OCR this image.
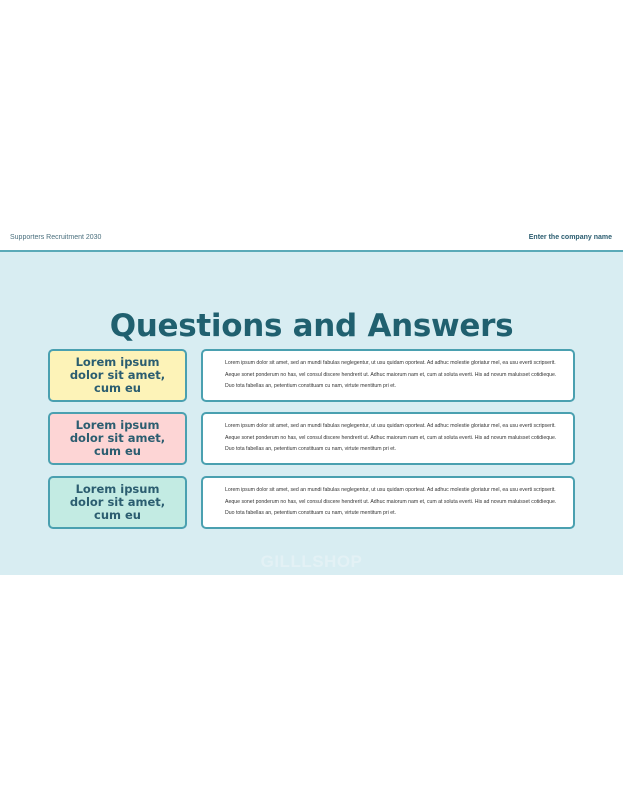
Supporters Recruitment 2030	Enter the company name
Questions and Answers
Lorem ipsum dolor sit amet, cum eu
Lorem ipsum dolor sit amet, sed an mundi fabulas neglegentur, ut usu quidam oporteat. Ad adhuc molestie gloriatur mel, ea usu everti scripserit. Aeque sonet ponderum no has, vel consul discere hendrerit ut. Adhuc maiorum nam et, cum at soluta everti. His ad novum maluisset cotidieque. Duo tota fabellas an, petentium constituam cu nam, virtute mentitum pri et.
Lorem ipsum dolor sit amet, cum eu
Lorem ipsum dolor sit amet, sed an mundi fabulas neglegentur, ut usu quidam oporteat. Ad adhuc molestie gloriatur mel, ea usu everti scripserit. Aeque sonet ponderum no has, vel consul discere hendrerit ut. Adhuc maiorum nam et, cum at soluta everti. His ad novum maluisset cotidieque. Duo tota fabellas an, petentium constituam cu nam, virtute mentitum pri et.
Lorem ipsum dolor sit amet, cum eu
Lorem ipsum dolor sit amet, sed an mundi fabulas neglegentur, ut usu quidam oporteat. Ad adhuc molestie gloriatur mel, ea usu everti scripserit. Aeque sonet ponderum no has, vel consul discere hendrerit ut. Adhuc maiorum nam et, cum at soluta everti. His ad novum maluisset cotidieque. Duo tota fabellas an, petentium constituam cu nam, virtute mentitum pri et.
GILLLSHOP
